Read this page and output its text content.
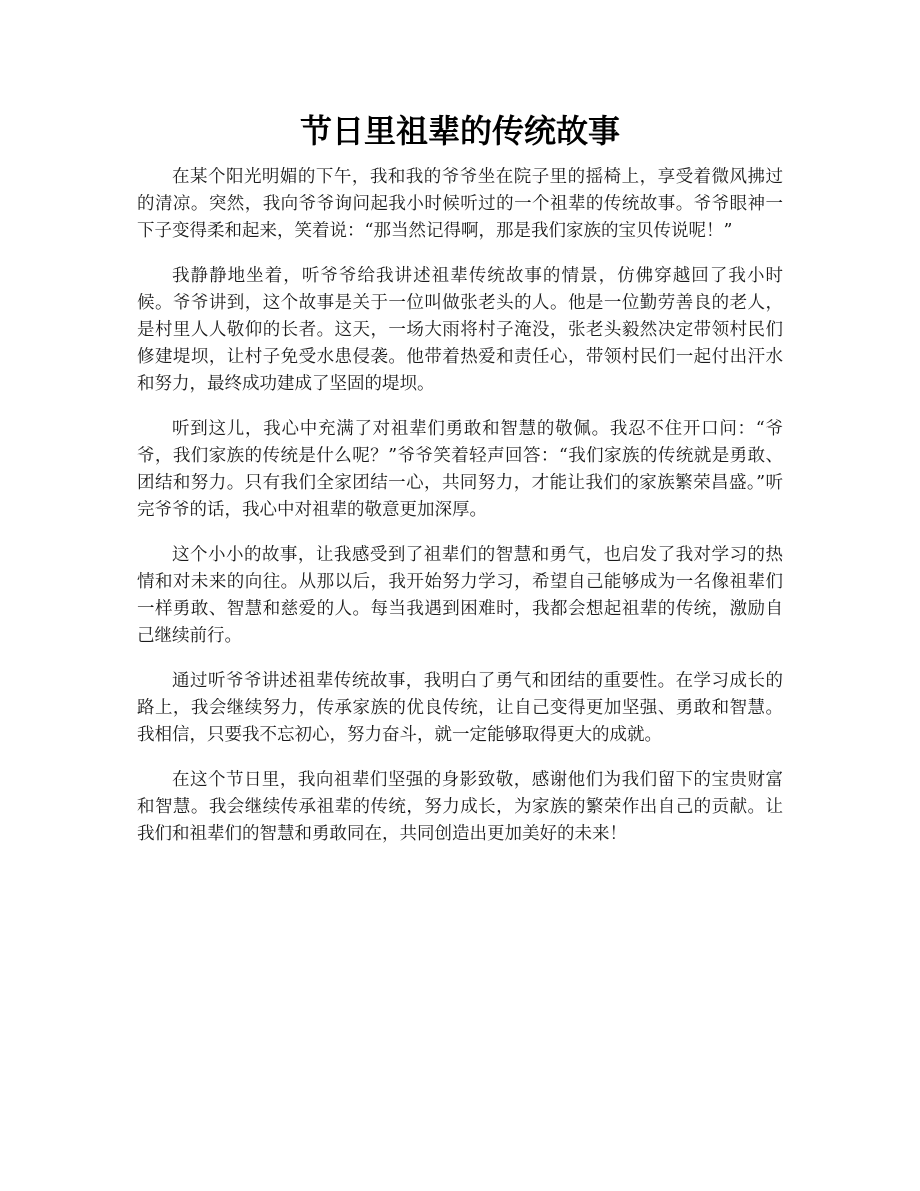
节日里祖辈的传统故事

在某个阳光明媚的下午，我和我的爷爷坐在院子里的摇椅上，享受着微风拂过的清凉。突然，我向爷爷询问起我小时候听过的一个祖辈的传统故事。爷爷眼神一下子变得柔和起来，笑着说：“那当然记得啊，那是我们家族的宝贝传说呢！”

我静静地坐着，听爷爷给我讲述祖辈传统故事的情景，仿佛穿越回了我小时候。爷爷讲到，这个故事是关于一位叫做张老头的人。他是一位勤劳善良的老人，是村里人人敬仰的长者。这天，一场大雨将村子淹没，张老头毅然决定带领村民们修建堤坝，让村子免受水患侵袭。他带着热爱和责任心，带领村民们一起付出汗水和努力，最终成功建成了坚固的堤坝。

听到这儿，我心中充满了对祖辈们勇敢和智慧的敬佩。我忍不住开口问：“爷爷，我们家族的传统是什么呢？”爷爷笑着轻声回答：“我们家族的传统就是勇敢、团结和努力。只有我们全家团结一心，共同努力，才能让我们的家族繁荣昌盛。”听完爷爷的话，我心中对祖辈的敬意更加深厚。

这个小小的故事，让我感受到了祖辈们的智慧和勇气，也启发了我对学习的热情和对未来的向往。从那以后，我开始努力学习，希望自己能够成为一名像祖辈们一样勇敢、智慧和慈爱的人。每当我遇到困难时，我都会想起祖辈的传统，激励自己继续前行。

通过听爷爷讲述祖辈传统故事，我明白了勇气和团结的重要性。在学习成长的路上，我会继续努力，传承家族的优良传统，让自己变得更加坚强、勇敢和智慧。我相信，只要我不忘初心，努力奋斗，就一定能够取得更大的成就。

在这个节日里，我向祖辈们坚强的身影致敬，感谢他们为我们留下的宝贵财富和智慧。我会继续传承祖辈的传统，努力成长，为家族的繁荣作出自己的贡献。让我们和祖辈们的智慧和勇敢同在，共同创造出更加美好的未来！
